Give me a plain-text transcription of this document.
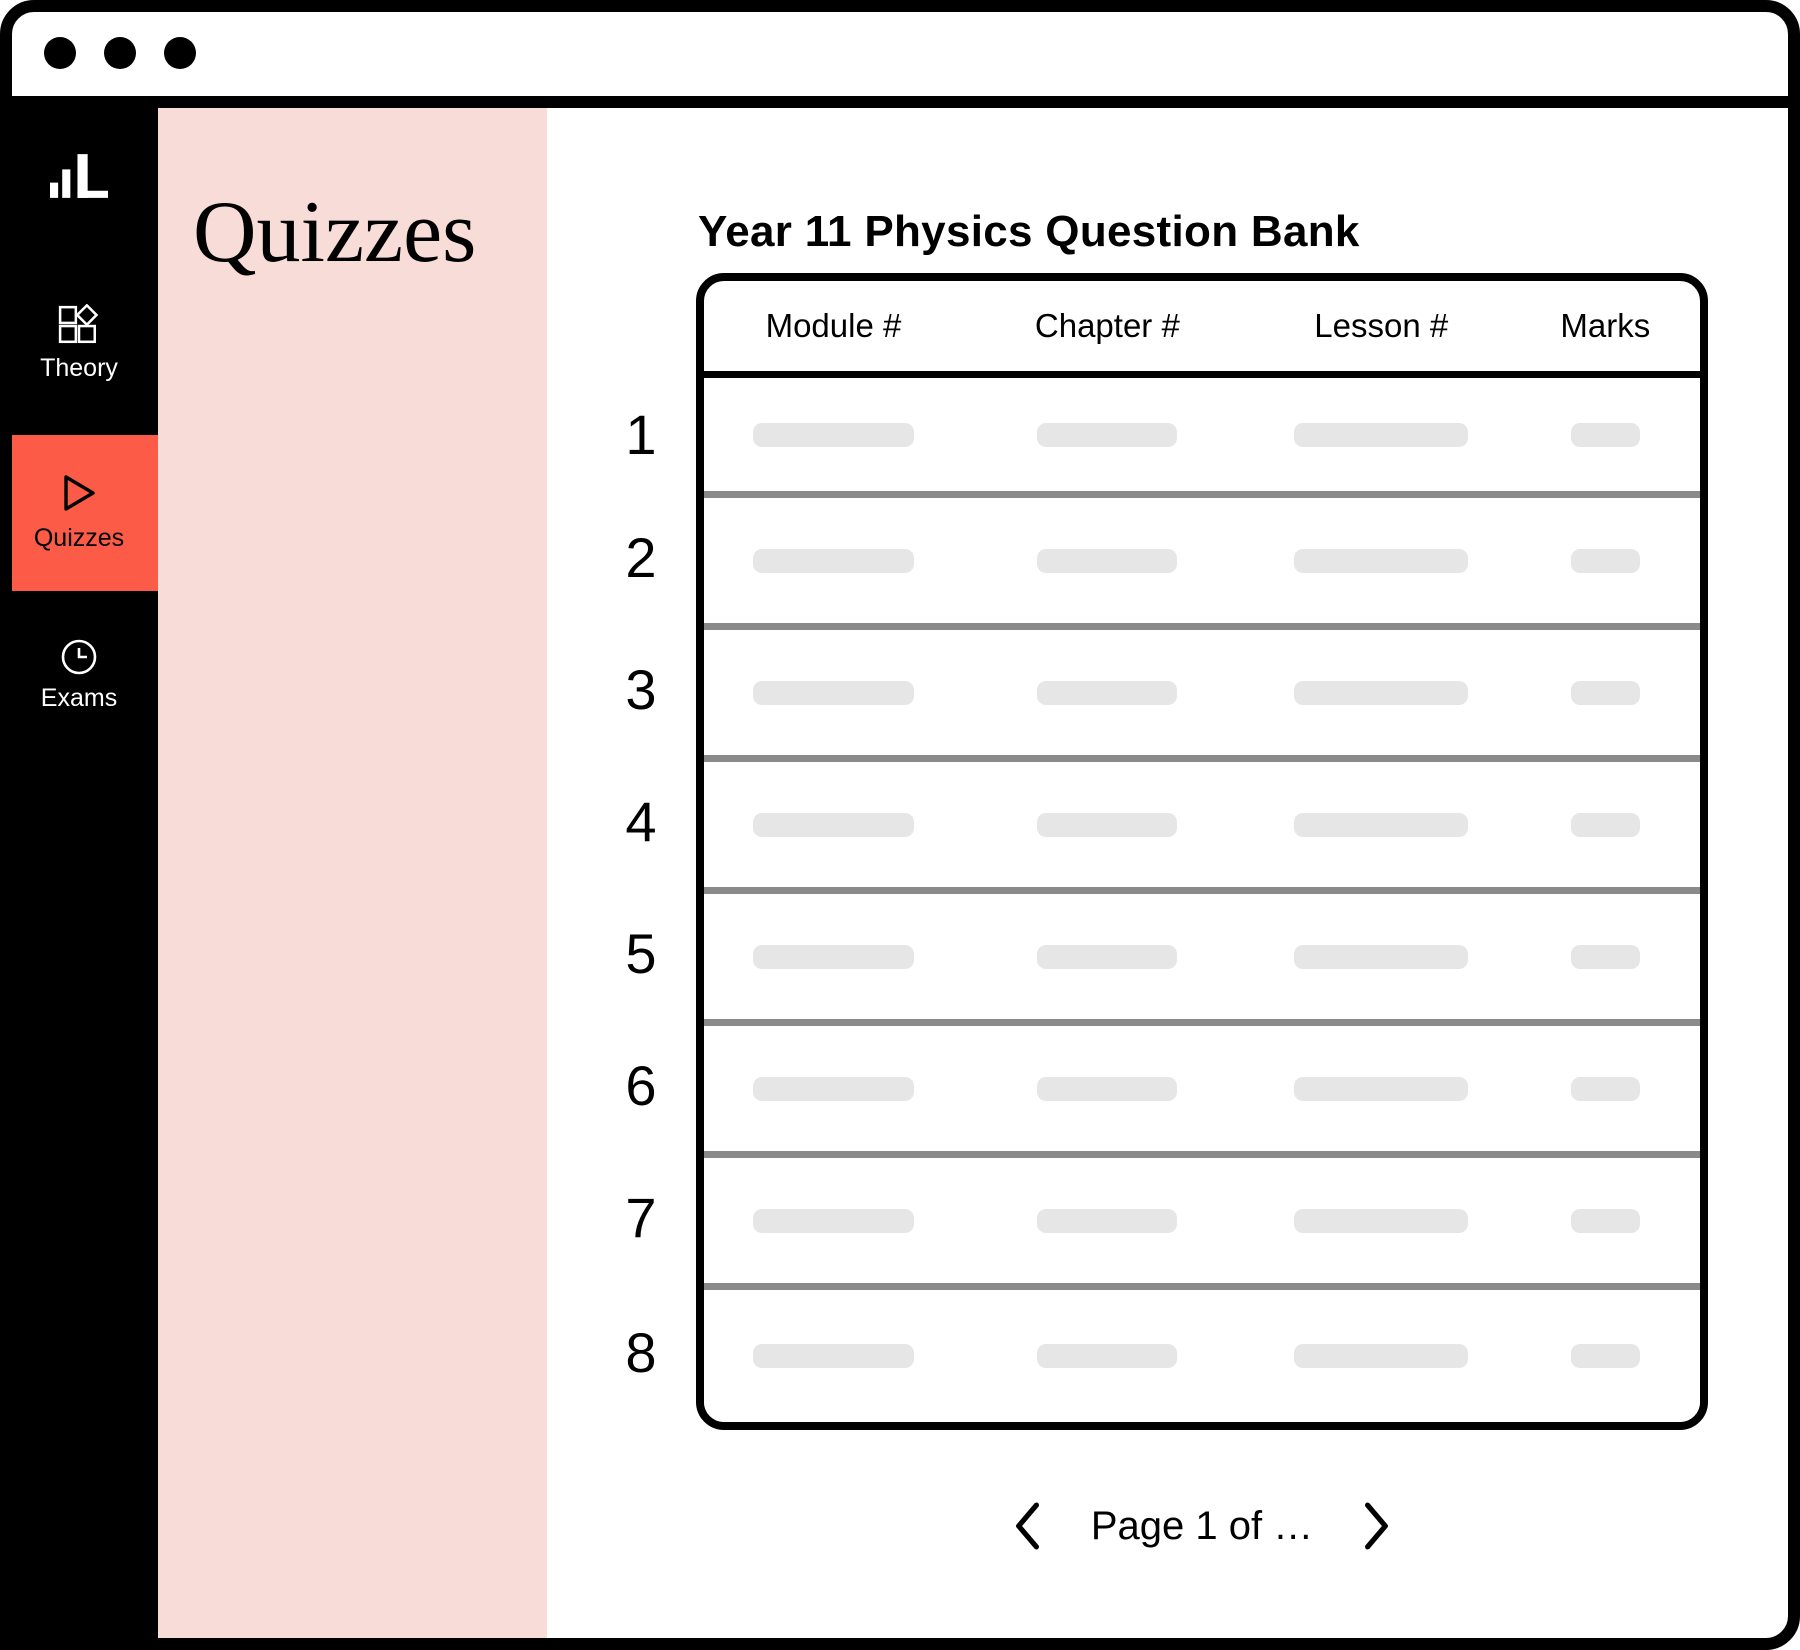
Theory
Quizzes
Exams
Quizzes	Year 11 Physics Question Bank
Module #	Chapter #	Lesson #	Marks
1
2
3
4
5
6
7
8
Page 1 of …
